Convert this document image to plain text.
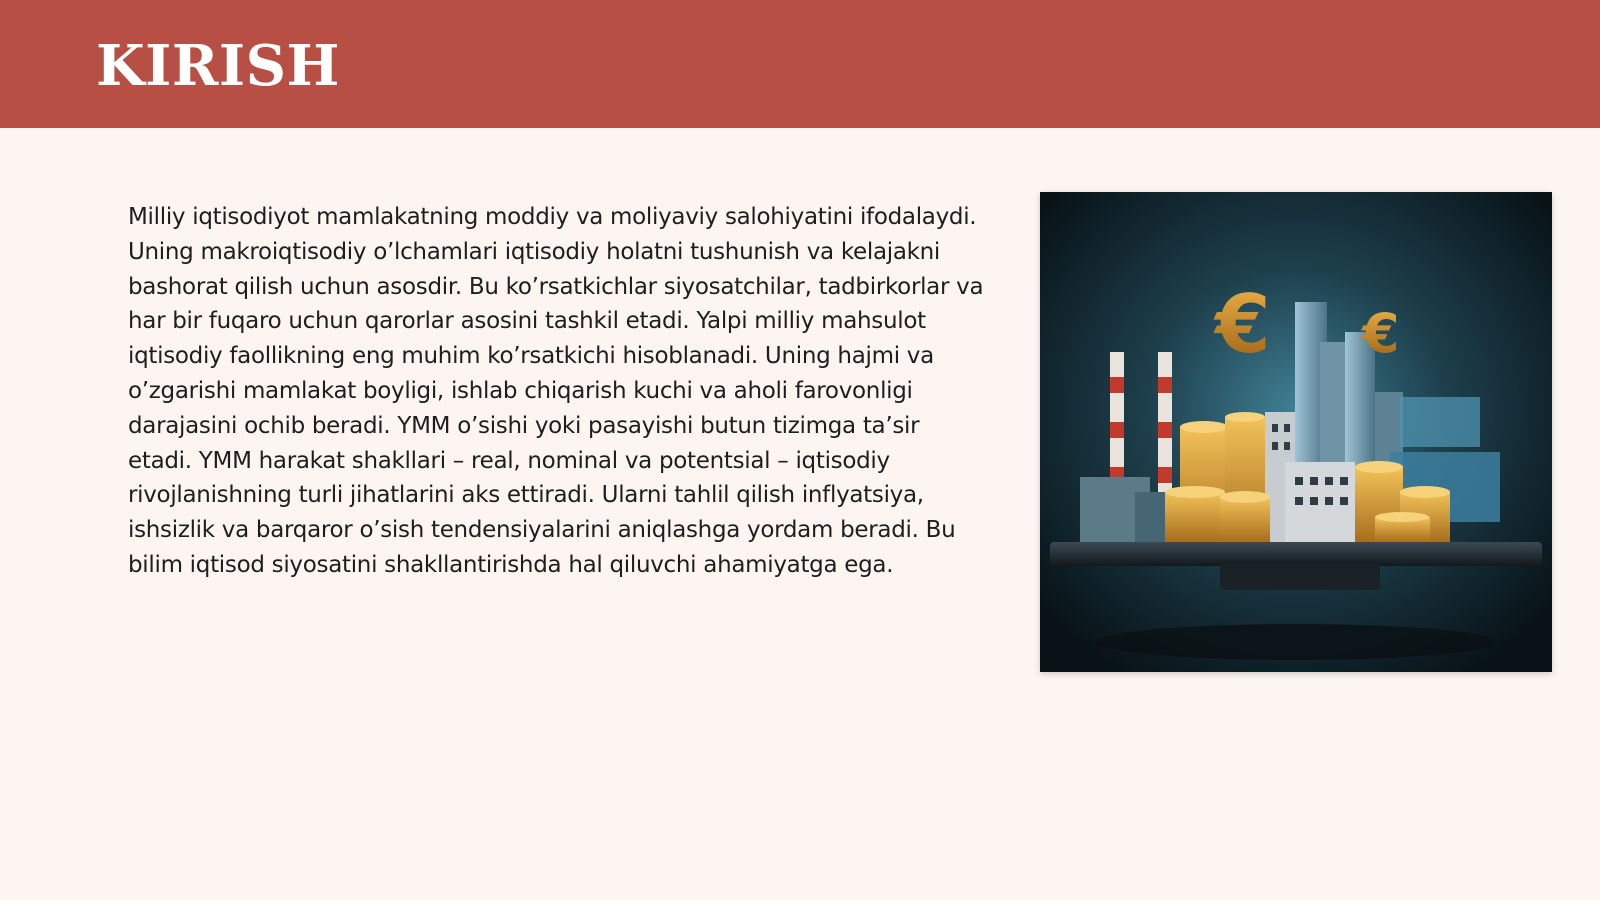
KIRISH

Milliy iqtisodiyot mamlakatning moddiy va moliyaviy salohiyatini ifodalaydi. Uning makroiqtisodiy o’lchamlari iqtisodiy holatni tushunish va kelajakni bashorat qilish uchun asosdir. Bu ko’rsatkichlar siyosatchilar, tadbirkorlar va har bir fuqaro uchun qarorlar asosini tashkil etadi. Yalpi milliy mahsulot iqtisodiy faollikning eng muhim ko’rsatkichi hisoblanadi. Uning hajmi va o’zgarishi mamlakat boyligi, ishlab chiqarish kuchi va aholi farovonligi darajasini ochib beradi. YMM o’sishi yoki pasayishi butun tizimga ta’sir etadi. YMM harakat shakllari – real, nominal va potentsial – iqtisodiy rivojlanishning turli jihatlarini aks ettiradi. Ularni tahlil qilish inflyatsiya, ishsizlik va barqaror o’sish tendensiyalarini aniqlashga yordam beradi. Bu bilim iqtisod siyosatini shakllantirishda hal qiluvchi ahamiyatga ega.

€ €
